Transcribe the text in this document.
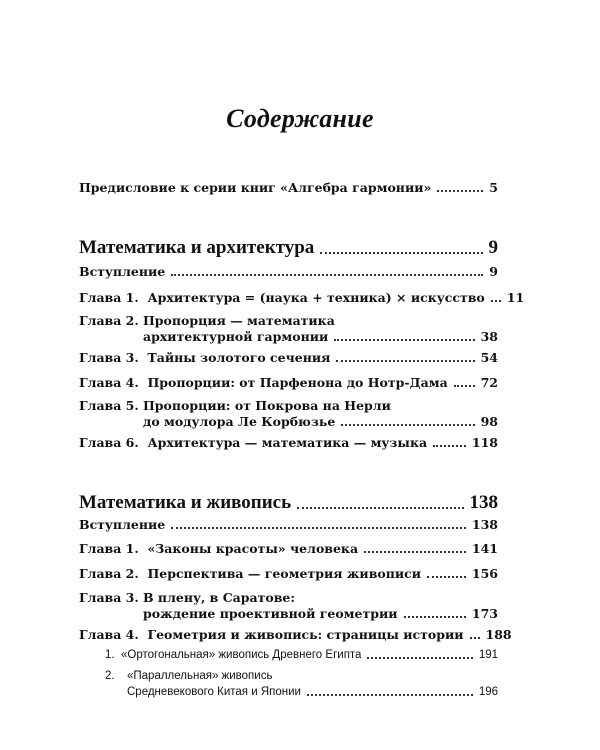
Содержание
Предисловие к серии книг «Алгебра гармонии»	5
Математика и архитектура	9
Вступление	9
Глава 1. Архитектура = (наука + техника) × искусство 11
Глава 2. Пропорция — математика
архитектурной гармонии	38
Глава 3. Тайны золотого сечения	54
Глава 4. Пропорции: от Парфенона до Нотр-Дама	72
Глава 5. Пропорции: от Покрова на Нерли
до модулора Ле Корбюзье	98
Глава 6. Архитектура — математика — музыка	118
Математика и живопись	138
Вступление	138
Глава 1. «Законы красоты» человека	141
Глава 2. Перспектива — геометрия живописи	156
Глава 3. В плену, в Саратове:
рождение проективной геометрии	173
Глава 4. Геометрия и живопись: страницы истории 188
1. «Ортогональная» живопись Древнего Египта	191
2.	«Параллельная» живопись
Средневекового Китая и Японии	196
